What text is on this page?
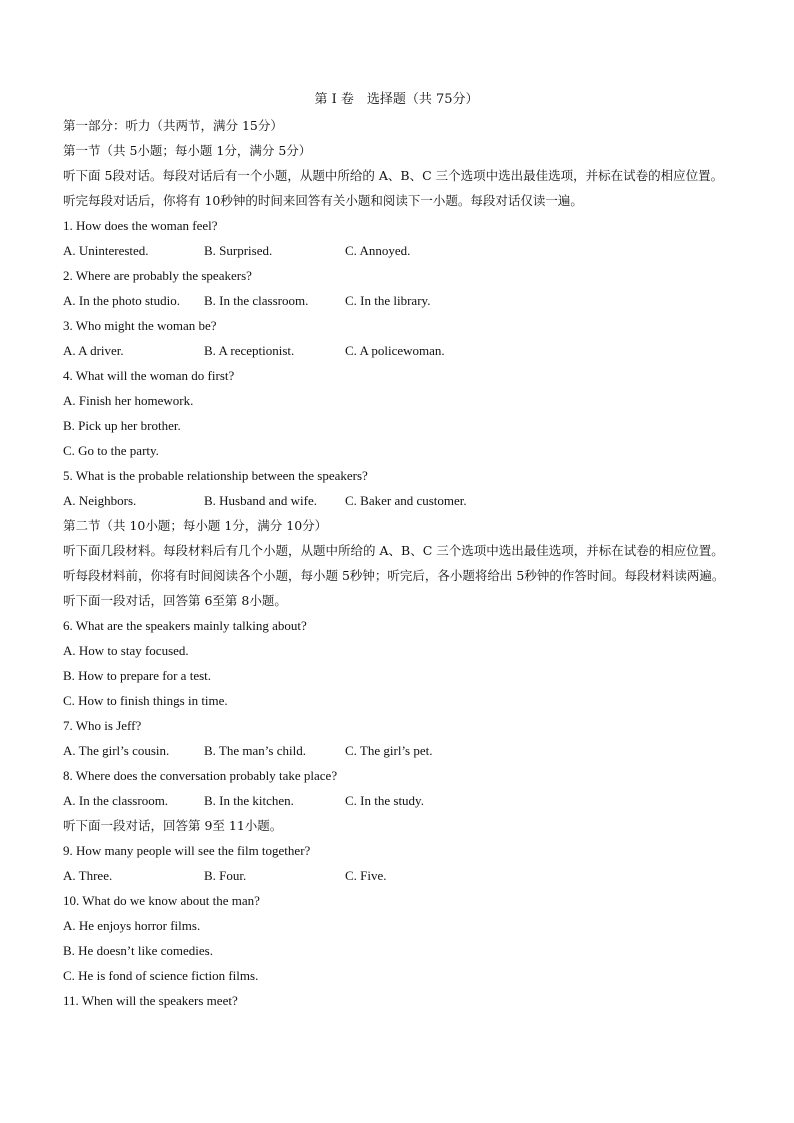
第 I 卷　选择题（共 75分）
第一部分：听力（共两节，满分 15分）
第一节（共 5小题；每小题 1分，满分 5分）
听下面 5段对话。每段对话后有一个小题，从题中所给的 A、B、C 三个选项中选出最佳选项，并标在试卷的相应位置。听完每段对话后，你将有 10秒钟的时间来回答有关小题和阅读下一小题。每段对话仅读一遍。
1. How does the woman feel?
A. Uninterested.	B. Surprised.	C. Annoyed.
2. Where are probably the speakers?
A. In the photo studio.	B. In the classroom.	C. In the library.
3. Who might the woman be?
A. A driver.	B. A receptionist.	C. A policewoman.
4. What will the woman do first?
A. Finish her homework.
B. Pick up her brother.
C. Go to the party.
5. What is the probable relationship between the speakers?
A. Neighbors.	B. Husband and wife.	C. Baker and customer.
第二节（共 10小题；每小题 1分，满分 10分）
听下面几段材料。每段材料后有几个小题，从题中所给的 A、B、C 三个选项中选出最佳选项，并标在试卷的相应位置。听每段材料前，你将有时间阅读各个小题，每小题 5秒钟；听完后，各小题将给出 5秒钟的作答时间。每段材料读两遍。
听下面一段对话，回答第 6至第 8小题。
6. What are the speakers mainly talking about?
A. How to stay focused.
B. How to prepare for a test.
C. How to finish things in time.
7. Who is Jeff?
A. The girl’s cousin.	B. The man’s child.	C. The girl’s pet.
8. Where does the conversation probably take place?
A. In the classroom.	B. In the kitchen.	C. In the study.
听下面一段对话，回答第 9至 11小题。
9. How many people will see the film together?
A. Three.	B. Four.	C. Five.
10. What do we know about the man?
A. He enjoys horror films.
B. He doesn’t like comedies.
C. He is fond of science fiction films.
11. When will the speakers meet?
